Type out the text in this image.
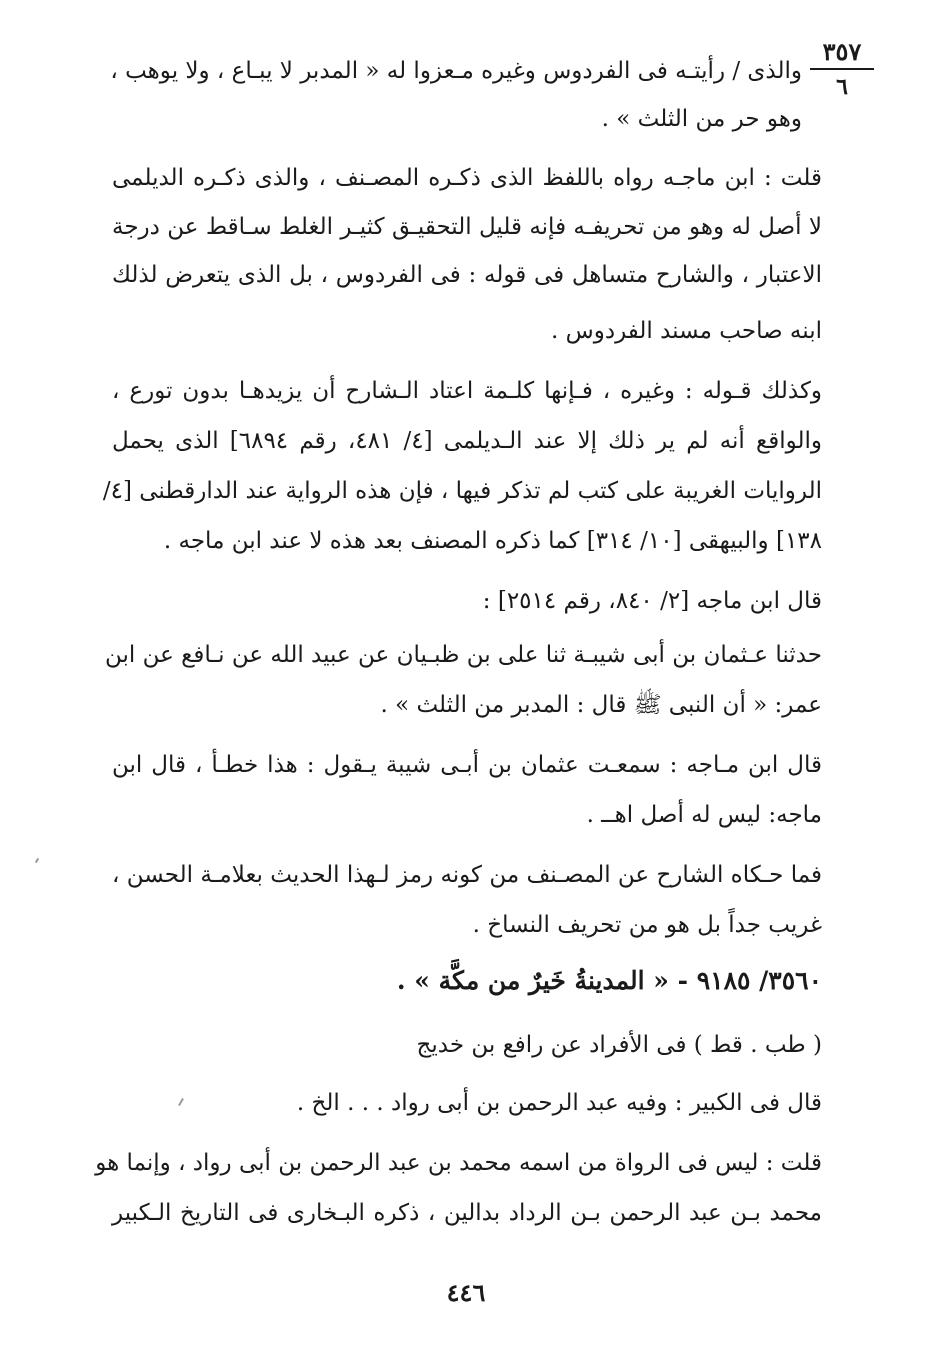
٣٥٧
٦
والذى / رأيتـه فى الفردوس وغيره مـعزوا له « المدبر لا يبـاع ، ولا يوهب ،
وهو حر من الثلث » .
قلت : ابن ماجـه رواه باللفظ الذى ذكـره المصـنف ، والذى ذكـره الديلمى
لا أصل له وهو من تحريفـه فإنه قليل التحقيـق كثيـر الغلط سـاقط عن درجة
الاعتبار ، والشارح متساهل فى قوله : فى الفردوس ، بل الذى يتعرض لذلك
ابنه صاحب مسند الفردوس .
وكذلك قـوله : وغيره ، فـإنها كلـمة اعتاد الـشارح أن يزيدهـا بدون تورع ،
والواقع أنه لم ير ذلك إلا عند الـديلمى [٤/ ٤٨١، رقم ٦٨٩٤] الذى يحمل
الروايات الغريبة على كتب لم تذكر فيها ، فإن هذه الرواية عند الدارقطنى [٤/
١٣٨] والبيهقى [١٠/ ٣١٤] كما ذكره المصنف بعد هذه لا عند ابن ماجه .
قال ابن ماجه [٢/ ٨٤٠، رقم ٢٥١٤] :
حدثنا عـثمان بن أبى شيبـة ثنا على بن ظبـيان عن عبيد الله عن نـافع عن ابن
عمر: « أن النبى ﷺ قال : المدبر من الثلث » .
قال ابن مـاجه : سمعـت عثمان بن أبـى شيبة يـقول : هذا خطـأ ، قال ابن
ماجه: ليس له أصل اهــ .
فما حـكاه الشارح عن المصـنف من كونه رمز لـهذا الحديث بعلامـة الحسن ،
غريب جداً بل هو من تحريف النساخ .
٣٥٦٠/ ٩١٨٥ - « المدينةُ خَيرٌ من مكَّة » .
( طب . قط ) فى الأفراد عن رافع بن خديج
قال فى الكبير : وفيه عبد الرحمن بن أبى رواد . . . الخ .
قلت : ليس فى الرواة من اسمه محمد بن عبد الرحمن بن أبى رواد ، وإنما هو
محمد بـن عبد الرحمن بـن الرداد بدالين ، ذكره البـخارى فى التاريخ الـكبير
٤٤٦
